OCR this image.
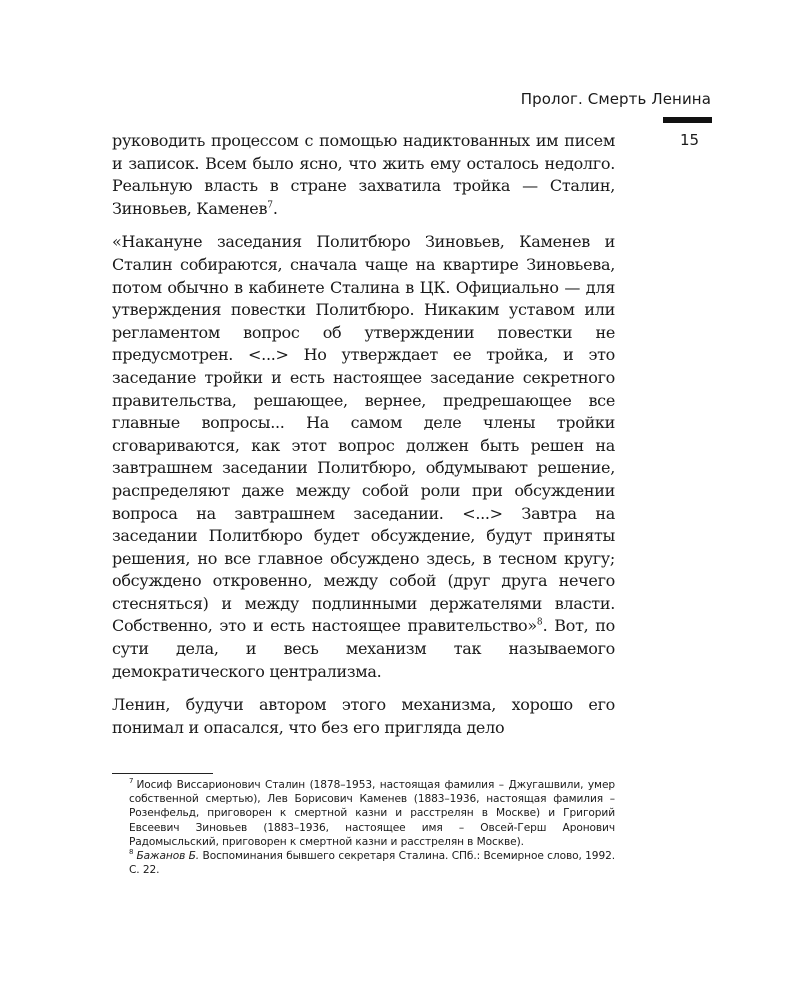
Пролог. Смерть Ленина
15

руководить процессом с помощью надиктованных им писем и записок. Всем было ясно, что жить ему осталось недолго. Реальную власть в стране захватила тройка — Сталин, Зиновьев, Каменев$^7$.

«Накануне заседания Политбюро Зиновьев, Каменев и Сталин собираются, сначала чаще на квартире Зиновьева, потом обычно в кабинете Сталина в ЦК. Официально — для утверждения повестки Политбюро. Никаким уставом или регламентом вопрос об утверждении повестки не предусмотрен. <...> Но утверждает ее тройка, и это заседание тройки и есть настоящее заседание секретного правительства, решающее, вернее, предрешающее все главные вопросы... На самом деле члены тройки сговариваются, как этот вопрос должен быть решен на завтрашнем заседании Политбюро, обдумывают решение, распределяют даже между собой роли при обсуждении вопроса на завтрашнем заседании. <...> Завтра на заседании Политбюро будет обсуждение, будут приняты решения, но все главное обсуждено здесь, в тесном кругу; обсуждено откровенно, между собой (друг друга нечего стесняться) и между подлинными держателями власти. Собственно, это и есть настоящее правительство»$^8$. Вот, по сути дела, и весь механизм так называемого демократического централизма.

Ленин, будучи автором этого механизма, хорошо его понимал и опасался, что без его пригляда дело

$^7$ Иосиф Виссарионович Сталин (1878–1953, настоящая фамилия – Джугашвили, умер собственной смертью), Лев Борисович Каменев (1883–1936, настоящая фамилия – Розенфельд, приговорен к смертной казни и расстрелян в Москве) и Григорий Евсеевич Зиновьев (1883–1936, настоящее имя – Овсей-Герш Аронович Радомысльский, приговорен к смертной казни и расстрелян в Москве).

$^8$ Бажанов Б. Воспоминания бывшего секретаря Сталина. СПб.: Всемирное слово, 1992. С. 22.
